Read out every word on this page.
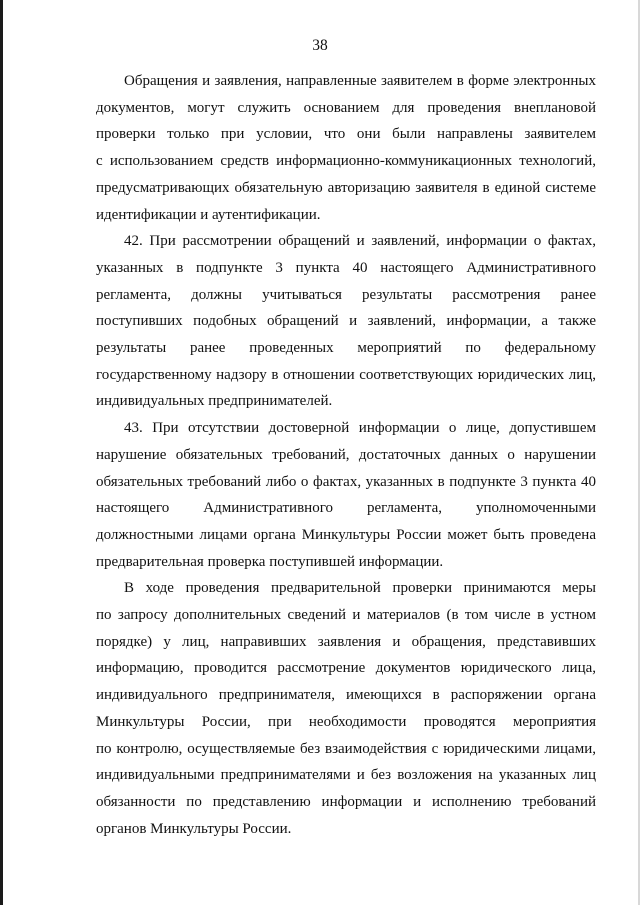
38

Обращения и заявления, направленные заявителем в форме электронных

документов, могут служить основанием для проведения внеплановой

проверки только при условии, что они были направлены заявителем

с использованием средств информационно-коммуникационных технологий,

предусматривающих обязательную авторизацию заявителя в единой системе

идентификации и аутентификации.

42. При рассмотрении обращений и заявлений, информации о фактах,

указанных в подпункте 3 пункта 40 настоящего Административного

регламента, должны учитываться результаты рассмотрения ранее

поступивших подобных обращений и заявлений, информации, а также

результаты ранее проведенных мероприятий по федеральному

государственному надзору в отношении соответствующих юридических лиц,

индивидуальных предпринимателей.

43. При отсутствии достоверной информации о лице, допустившем

нарушение обязательных требований, достаточных данных о нарушении

обязательных требований либо о фактах, указанных в подпункте 3 пункта 40

настоящего Административного регламента, уполномоченными

должностными лицами органа Минкультуры России может быть проведена

предварительная проверка поступившей информации.

В ходе проведения предварительной проверки принимаются меры

по запросу дополнительных сведений и материалов (в том числе в устном

порядке) у лиц, направивших заявления и обращения, представивших

информацию, проводится рассмотрение документов юридического лица,

индивидуального предпринимателя, имеющихся в распоряжении органа

Минкультуры России, при необходимости проводятся мероприятия

по контролю, осуществляемые без взаимодействия с юридическими лицами,

индивидуальными предпринимателями и без возложения на указанных лиц

обязанности по представлению информации и исполнению требований

органов Минкультуры России.
